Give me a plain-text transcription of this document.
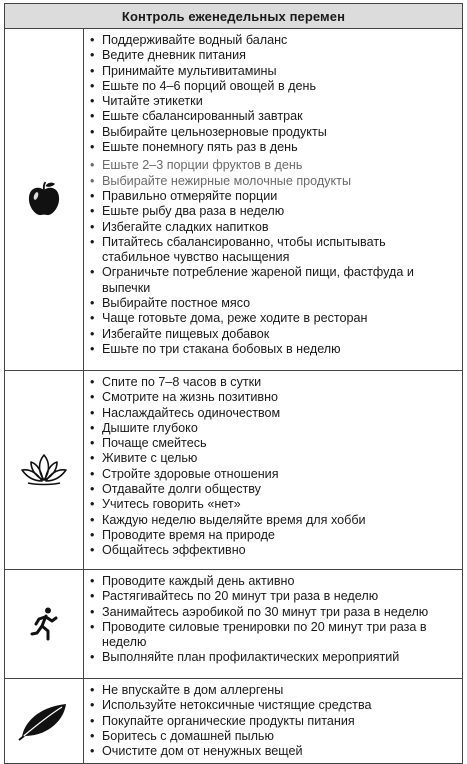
Контроль еженедельных перемен
• Поддерживайте водный баланс
• Ведите дневник питания
• Принимайте мультивитамины
• Ешьте по 4–6 порций овощей в день
• Читайте этикетки
• Ешьте сбалансированный завтрак
• Выбирайте цельнозерновые продукты
• Ешьте понемногу пять раз в день
• Ешьте 2–3 порции фруктов в день
• Выбирайте нежирные молочные продукты
• Правильно отмеряйте порции
• Ешьте рыбу два раза в неделю
• Избегайте сладких напитков
• Питайтесь сбалансированно, чтобы испытывать стабильное чувство насыщения
• Ограничьте потребление жареной пищи, фастфуда и выпечки
• Выбирайте постное мясо
• Чаще готовьте дома, реже ходите в ресторан
• Избегайте пищевых добавок
• Ешьте по три стакана бобовых в неделю
• Спите по 7–8 часов в сутки
• Смотрите на жизнь позитивно
• Наслаждайтесь одиночеством
• Дышите глубоко
• Почаще смейтесь
• Живите с целью
• Стройте здоровые отношения
• Отдавайте долги обществу
• Учитесь говорить «нет»
• Каждую неделю выделяйте время для хобби
• Проводите время на природе
• Общайтесь эффективно
• Проводите каждый день активно
• Растягивайтесь по 20 минут три раза в неделю
• Занимайтесь аэробикой по 30 минут три раза в неделю
• Проводите силовые тренировки по 20 минут три раза в неделю
• Выполняйте план профилактических мероприятий
• Не впускайте в дом аллергены
• Используйте нетоксичные чистящие средства
• Покупайте органические продукты питания
• Боритесь с домашней пылью
• Очистите дом от ненужных вещей
